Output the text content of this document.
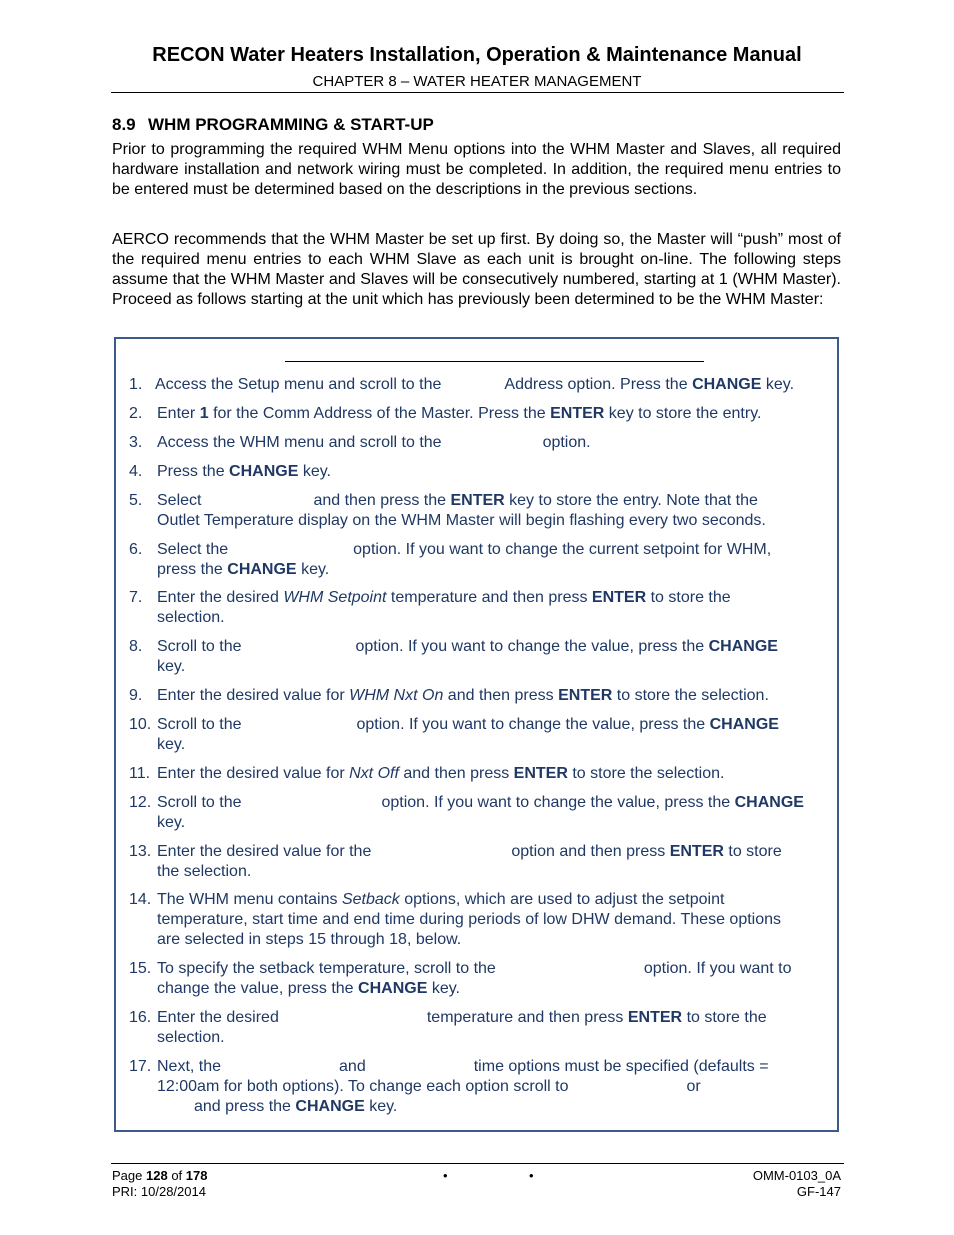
RECON Water Heaters Installation, Operation & Maintenance Manual
CHAPTER 8 – WATER HEATER MANAGEMENT
8.9 WHM PROGRAMMING & START-UP

Prior to programming the required WHM Menu options into the WHM Master and Slaves, all required hardware installation and network wiring must be completed. In addition, the required menu entries to be entered must be determined based on the descriptions in the previous sections.

AERCO recommends that the WHM Master be set up first. By doing so, the Master will “push” most of the required menu entries to each WHM Slave as each unit is brought on-line. The following steps assume that the WHM Master and Slaves will be consecutively numbered, starting at 1 (WHM Master). Proceed as follows starting at the unit which has previously been determined to be the WHM Master:

1. Access the Setup menu and scroll to the	Address option. Press the CHANGE key.
2. Enter 1 for the Comm Address of the Master. Press the ENTER key to store the entry.
3. Access the WHM menu and scroll to the	option.
4. Press the CHANGE key.
5. Select	and then press the ENTER key to store the entry. Note that the
Outlet Temperature display on the WHM Master will begin flashing every two seconds.
6. Select the	option. If you want to change the current setpoint for WHM,
press the CHANGE key.
7. Enter the desired WHM Setpoint temperature and then press ENTER to store the
selection.
8. Scroll to the	option. If you want to change the value, press the CHANGE
key.
9. Enter the desired value for WHM Nxt On and then press ENTER to store the selection.
10. Scroll to the	option. If you want to change the value, press the CHANGE
key.
11. Enter the desired value for Nxt Off and then press ENTER to store the selection.
12. Scroll to the	option. If you want to change the value, press the CHANGE
key.
13. Enter the desired value for the	option and then press ENTER to store
the selection.
14. The WHM menu contains Setback options, which are used to adjust the setpoint
temperature, start time and end time during periods of low DHW demand. These options
are selected in steps 15 through 18, below.
15. To specify the setback temperature, scroll to the	option. If you want to
change the value, press the CHANGE key.
16. Enter the desired	temperature and then press ENTER to store the
selection.
17. Next, the	and	time options must be specified (defaults =
12:00am for both options). To change each option scroll to	or
and press the CHANGE key.
Page 128 of 178
PRI: 10/28/2014
•	•	OMM-0103_0A
GF-147
